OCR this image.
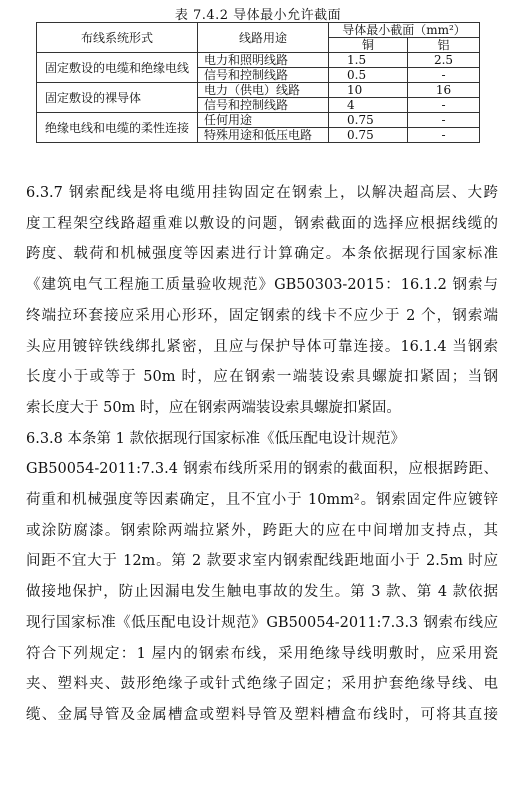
表 7.4.2 导体最小允许截面
布线系统形式	线路用途	导体最小截面（mm²）	
		铜	铝
固定敷设的电缆和绝缘电线	电力和照明线路	1.5	2.5
	信号和控制线路	0.5	-
固定敷设的裸导体	电力（供电）线路	10	16
	信号和控制线路	4	-
绝缘电线和电缆的柔性连接	任何用途	0.75	-
	特殊用途和低压电路	0.75	-

6.3.7 钢索配线是将电缆用挂钩固定在钢索上，以解决超高层、大跨
度工程架空线路超重难以敷设的问题，钢索截面的选择应根据线缆的
跨度、载荷和机械强度等因素进行计算确定。本条依据现行国家标准
《建筑电气工程施工质量验收规范》GB50303-2015：16.1.2 钢索与
终端拉环套接应采用心形环，固定钢索的线卡不应少于 2 个，钢索端
头应用镀锌铁线绑扎紧密，且应与保护导体可靠连接。16.1.4 当钢索
长度小于或等于 50m 时，应在钢索一端装设索具螺旋扣紧固；当钢
索长度大于 50m 时，应在钢索两端装设索具螺旋扣紧固。

6.3.8 本条第 1 款依据现行国家标准《低压配电设计规范》
GB50054-2011:7.3.4 钢索布线所采用的钢索的截面积，应根据跨距、
荷重和机械强度等因素确定，且不宜小于 10mm²。钢索固定件应镀锌
或涂防腐漆。钢索除两端拉紧外，跨距大的应在中间增加支持点，其
间距不宜大于 12m。第 2 款要求室内钢索配线距地面小于 2.5m 时应
做接地保护，防止因漏电发生触电事故的发生。第 3 款、第 4 款依据
现行国家标准《低压配电设计规范》GB50054-2011:7.3.3 钢索布线应
符合下列规定：1 屋内的钢索布线，采用绝缘导线明敷时，应采用瓷
夹、塑料夹、鼓形绝缘子或针式绝缘子固定；采用护套绝缘导线、电
缆、金属导管及金属槽盒或塑料导管及塑料槽盒布线时，可将其直接
